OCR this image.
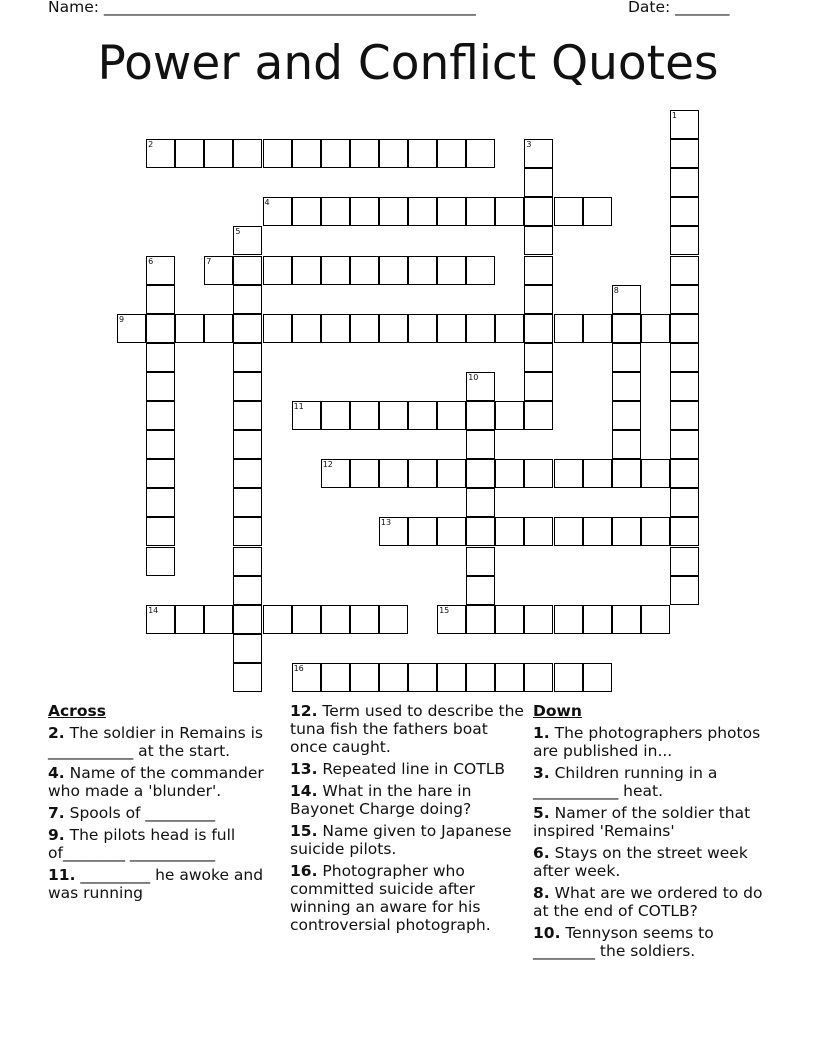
Name: ________________________________________________	Date: _______
Power and Conflict Quotes
2
4
7
9
11
12
13
14	15
16
1
3
5
6
8
10
Across
2. The soldier in Remains is ___________ at the start.
4. Name of the commander who made a 'blunder'.
7. Spools of _________
9. The pilots head is full of________ ___________
11. _________ he awoke and was running
12. Term used to describe the tuna fish the fathers boat once caught.
13. Repeated line in COTLB
14. What in the hare in Bayonet Charge doing?
15. Name given to Japanese suicide pilots.
16. Photographer who committed suicide after winning an aware for his controversial photograph.
Down
1. The photographers photos are published in...
3. Children running in a ___________ heat.
5. Namer of the soldier that inspired 'Remains'
6. Stays on the street week after week.
8. What are we ordered to do at the end of COTLB?
10. Tennyson seems to ________ the soldiers.
